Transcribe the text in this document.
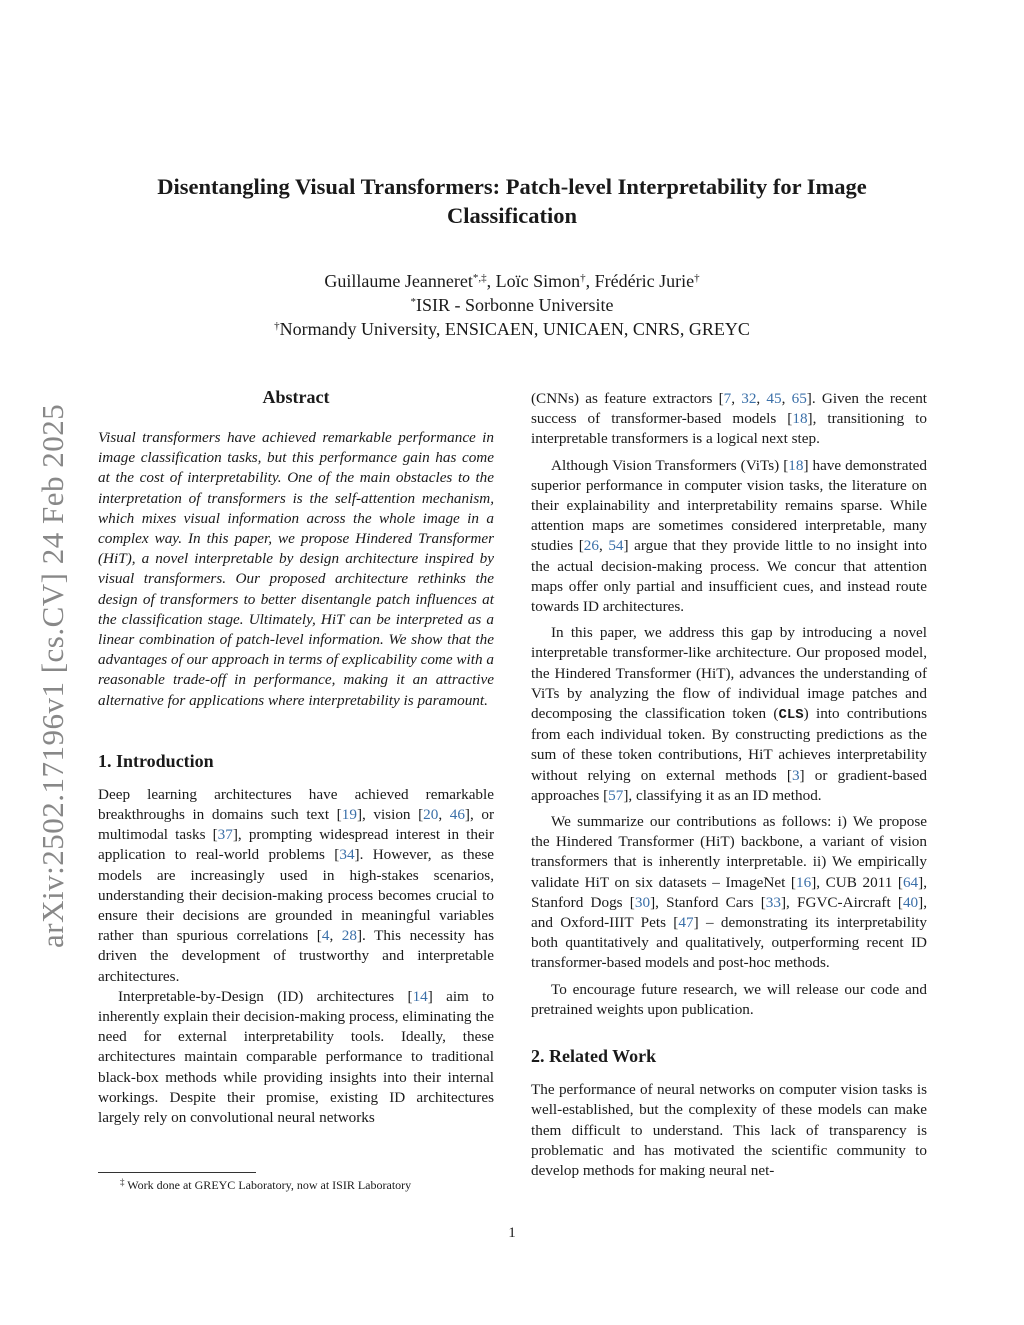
arXiv:2502.17196v1 [cs.CV] 24 Feb 2025
Disentangling Visual Transformers: Patch-level Interpretability for Image
Classification
Guillaume Jeanneret*,‡, Loïc Simon†, Frédéric Jurie†
*ISIR - Sorbonne Universite
†Normandy University, ENSICAEN, UNICAEN, CNRS, GREYC
Abstract

Visual transformers have achieved remarkable performance in image classification tasks, but this performance gain has come at the cost of interpretability. One of the main obstacles to the interpretation of transformers is the self-attention mechanism, which mixes visual information across the whole image in a complex way. In this paper, we propose Hindered Transformer (HiT), a novel interpretable by design architecture inspired by visual transformers. Our proposed architecture rethinks the design of transformers to better disentangle patch influences at the classification stage. Ultimately, HiT can be interpreted as a linear combination of patch-level information. We show that the advantages of our approach in terms of explicability come with a reasonable trade-off in performance, making it an attractive alternative for applications where interpretability is paramount.

1. Introduction

Deep learning architectures have achieved remarkable breakthroughs in domains such text [19], vision [20, 46], or multimodal tasks [37], prompting widespread interest in their application to real-world problems [34]. However, as these models are increasingly used in high-stakes scenarios, understanding their decision-making process becomes crucial to ensure their decisions are grounded in meaningful variables rather than spurious correlations [4, 28]. This necessity has driven the development of trustworthy and interpretable architectures.

Interpretable-by-Design (ID) architectures [14] aim to inherently explain their decision-making process, eliminating the need for external interpretability tools. Ideally, these architectures maintain comparable performance to traditional black-box methods while providing insights into their internal workings. Despite their promise, existing ID architectures largely rely on convolutional neural networks

(CNNs) as feature extractors [7, 32, 45, 65]. Given the recent success of transformer-based models [18], transitioning to interpretable transformers is a logical next step.

Although Vision Transformers (ViTs) [18] have demonstrated superior performance in computer vision tasks, the literature on their explainability and interpretability remains sparse. While attention maps are sometimes considered interpretable, many studies [26, 54] argue that they provide little to no insight into the actual decision-making process. We concur that attention maps offer only partial and insufficient cues, and instead route towards ID architectures.

In this paper, we address this gap by introducing a novel interpretable transformer-like architecture. Our proposed model, the Hindered Transformer (HiT), advances the understanding of ViTs by analyzing the flow of individual image patches and decomposing the classification token (CLS) into contributions from each individual token. By constructing predictions as the sum of these token contributions, HiT achieves interpretability without relying on external methods [3] or gradient-based approaches [57], classifying it as an ID method.

We summarize our contributions as follows: i) We propose the Hindered Transformer (HiT) backbone, a variant of vision transformers that is inherently interpretable. ii) We empirically validate HiT on six datasets – ImageNet [16], CUB 2011 [64], Stanford Dogs [30], Stanford Cars [33], FGVC-Aircraft [40], and Oxford-IIIT Pets [47] – demonstrating its interpretability both quantitatively and qualitatively, outperforming recent ID transformer-based models and post-hoc methods.

To encourage future research, we will release our code and pretrained weights upon publication.

2. Related Work

The performance of neural networks on computer vision tasks is well-established, but the complexity of these models can make them difficult to understand. This lack of transparency is problematic and has motivated the scientific community to develop methods for making neural net-

‡ Work done at GREYC Laboratory, now at ISIR Laboratory
1
